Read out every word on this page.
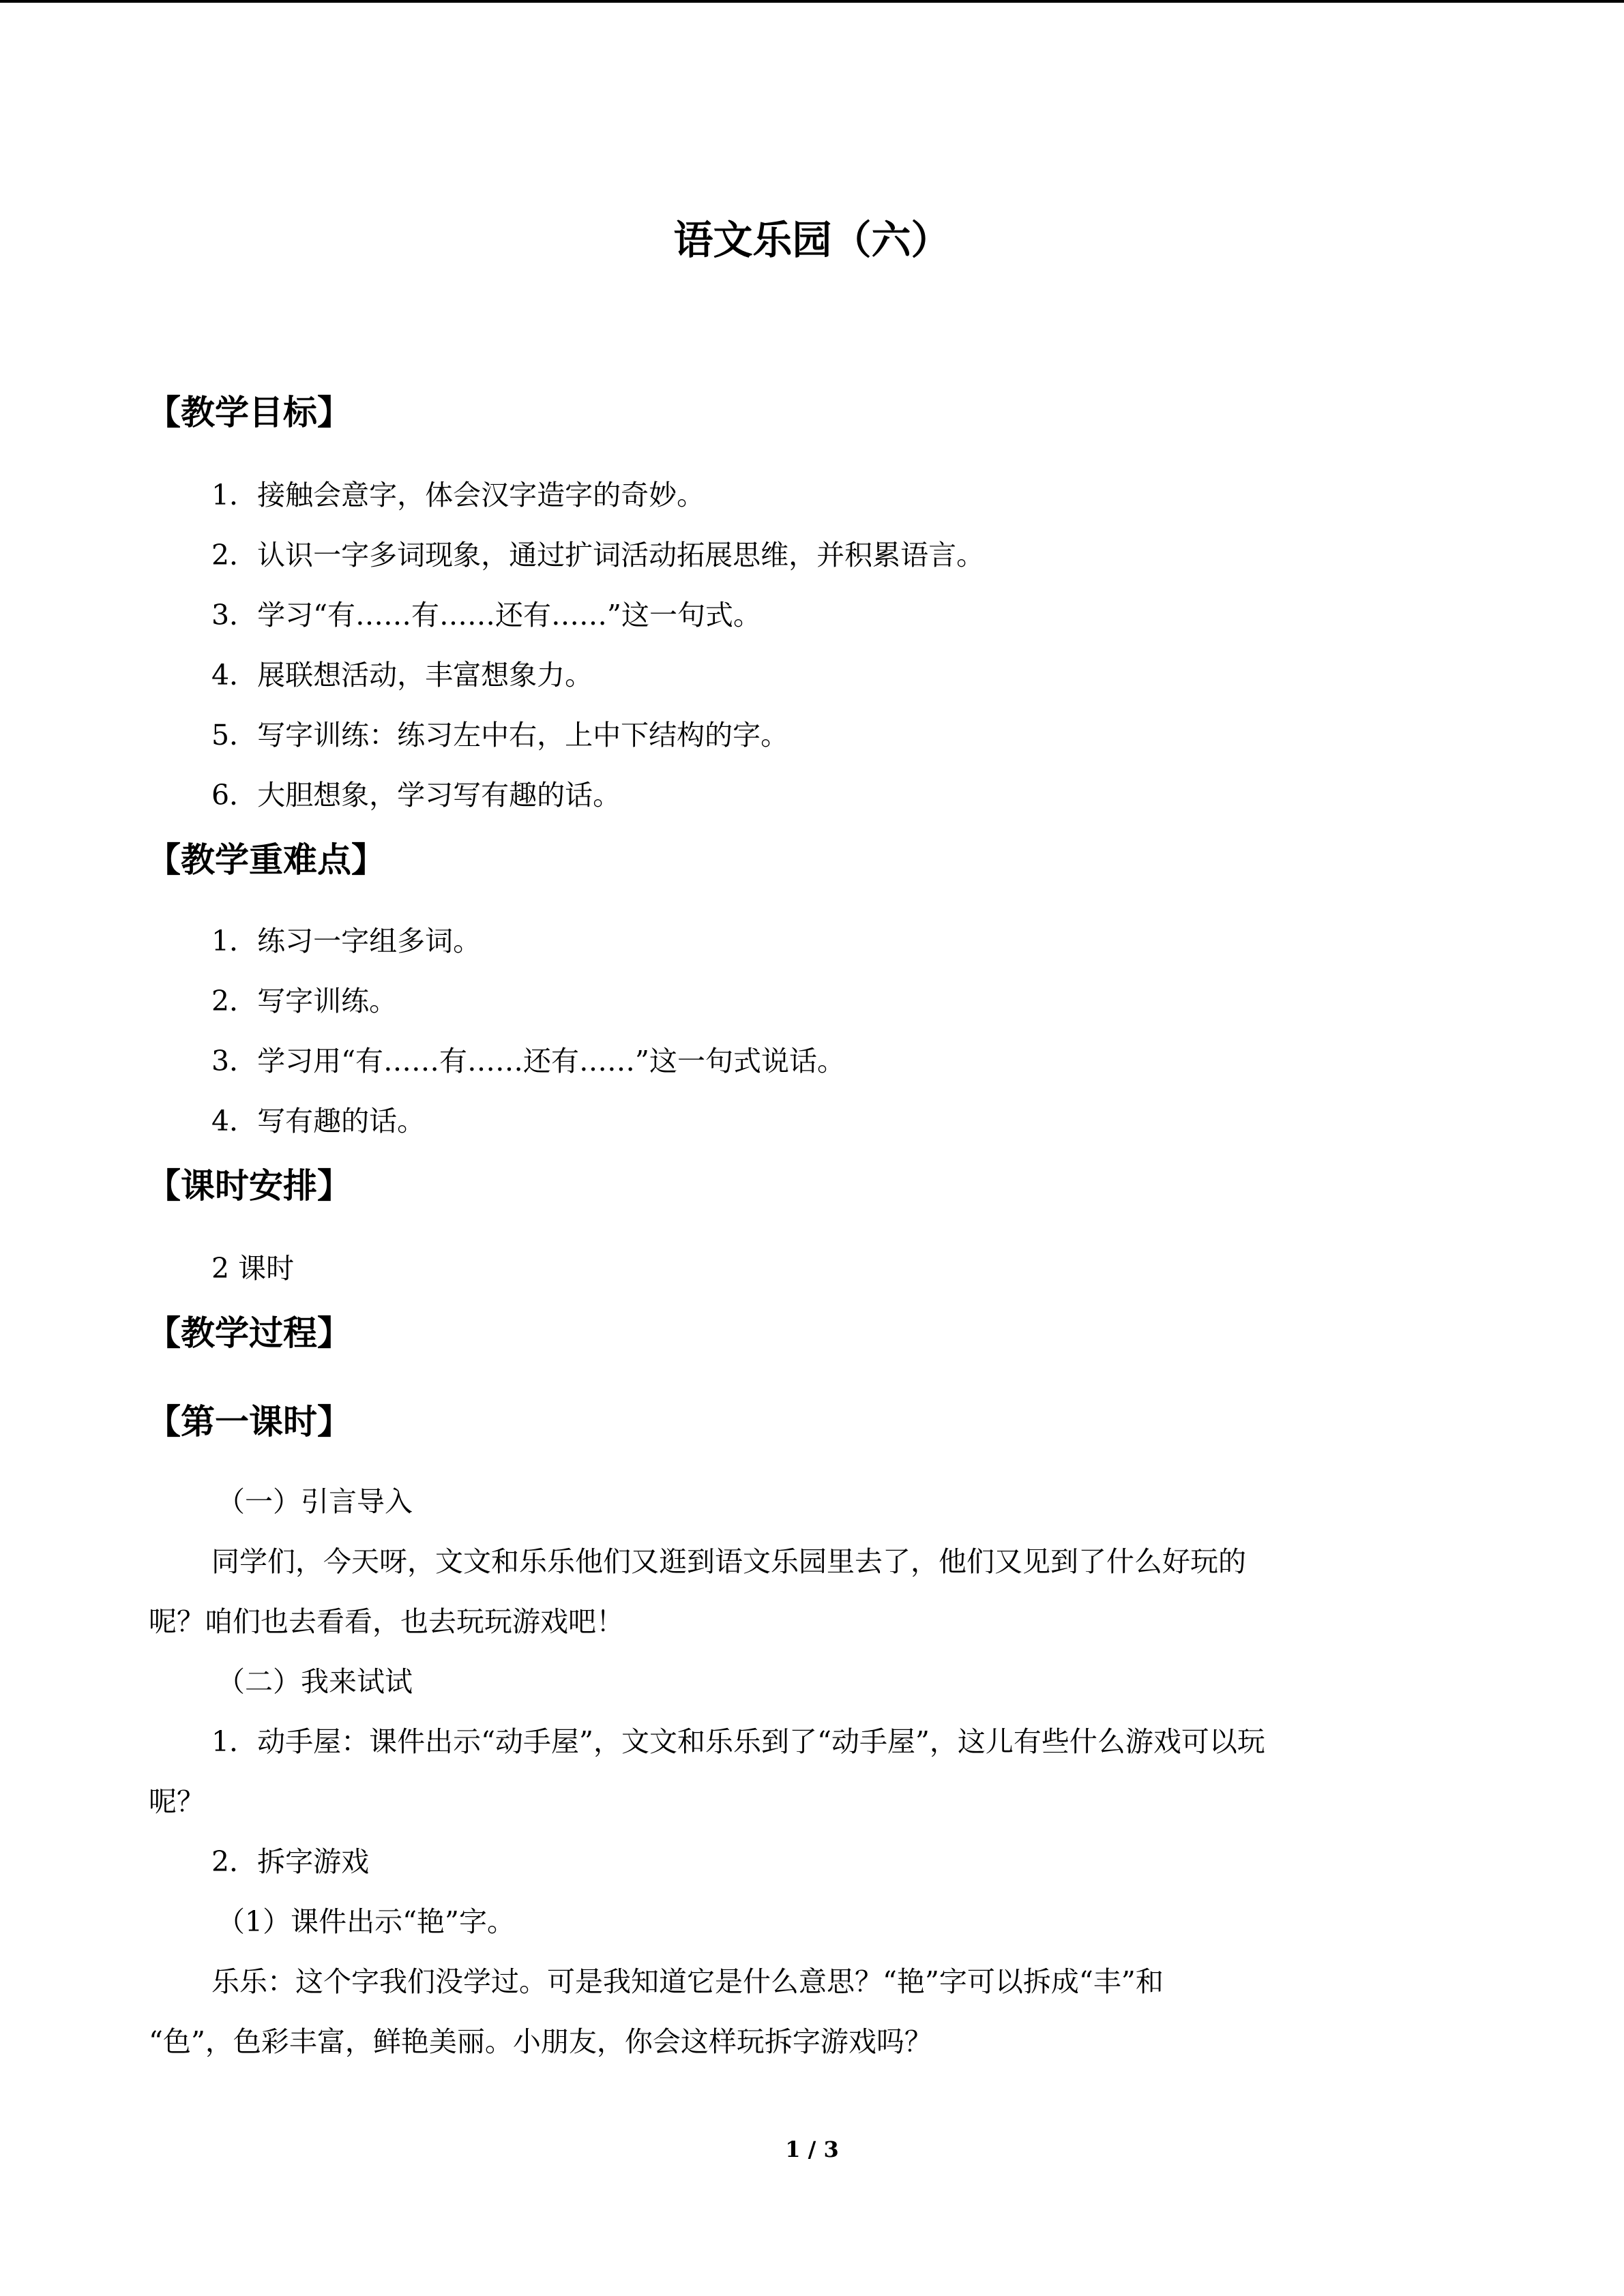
语文乐园（六）
【教学目标】

1．接触会意字，体会汉字造字的奇妙。

2．认识一字多词现象，通过扩词活动拓展思维，并积累语言。

3．学习“有……有……还有……”这一句式。

4．展联想活动，丰富想象力。

5．写字训练：练习左中右，上中下结构的字。

6．大胆想象，学习写有趣的话。

【教学重难点】

1．练习一字组多词。

2．写字训练。

3．学习用“有……有……还有……”这一句式说话。

4．写有趣的话。

【课时安排】

2 课时

【教学过程】
【第一课时】

（一）引言导入

同学们，今天呀，文文和乐乐他们又逛到语文乐园里去了，他们又见到了什么好玩的

呢？咱们也去看看，也去玩玩游戏吧！

（二）我来试试

1．动手屋：课件出示“动手屋”，文文和乐乐到了“动手屋”，这儿有些什么游戏可以玩

呢？

2．拆字游戏

（1）课件出示“艳”字。

乐乐：这个字我们没学过。可是我知道它是什么意思？“艳”字可以拆成“丰”和

“色”，色彩丰富，鲜艳美丽。小朋友，你会这样玩拆字游戏吗？

1 / 3
